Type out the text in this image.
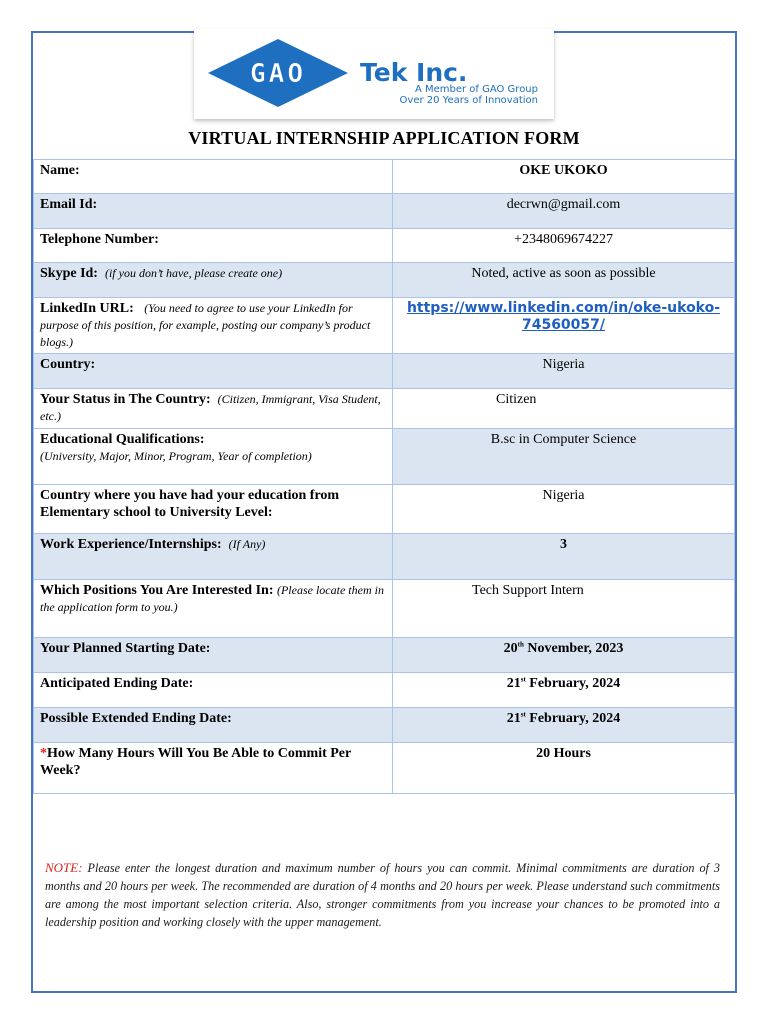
GAO Tek Inc.
A Member of GAO Group
Over 20 Years of Innovation
VIRTUAL INTERNSHIP APPLICATION FORM
Name:	OKE UKOKO
Email Id:	decrwn@gmail.com
Telephone Number:	+2348069674227
Skype Id: (if you don’t have, please create one)	Noted, active as soon as possible
LinkedIn URL: (You need to agree to use your LinkedIn for purpose of this position, for example, posting our company’s product blogs.)	https://www.linkedin.com/in/oke-ukoko-74560057/
Country:	Nigeria
Your Status in The Country: (Citizen, Immigrant, Visa Student, etc.)	Citizen

Educational Qualifications:
(University, Major, Minor, Program, Year of completion)	B.sc in Computer Science
Country where you have had your education from Elementary school to University Level:	Nigeria
Work Experience/Internships: (If Any)	3
Which Positions You Are Interested In: (Please locate them in the application form to you.)	Tech Support Intern
Your Planned Starting Date:	20th November, 2023
Anticipated Ending Date:	21st February, 2024
Possible Extended Ending Date:	21st February, 2024
*How Many Hours Will You Be Able to Commit Per Week?	20 Hours
NOTE: Please enter the longest duration and maximum number of hours you can commit. Minimal commitments are duration of 3 months and 20 hours per week. The recommended are duration of 4 months and 20 hours per week. Please understand such commitments are among the most important selection criteria. Also, stronger commitments from you increase your chances to be promoted into a leadership position and working closely with the upper management.
